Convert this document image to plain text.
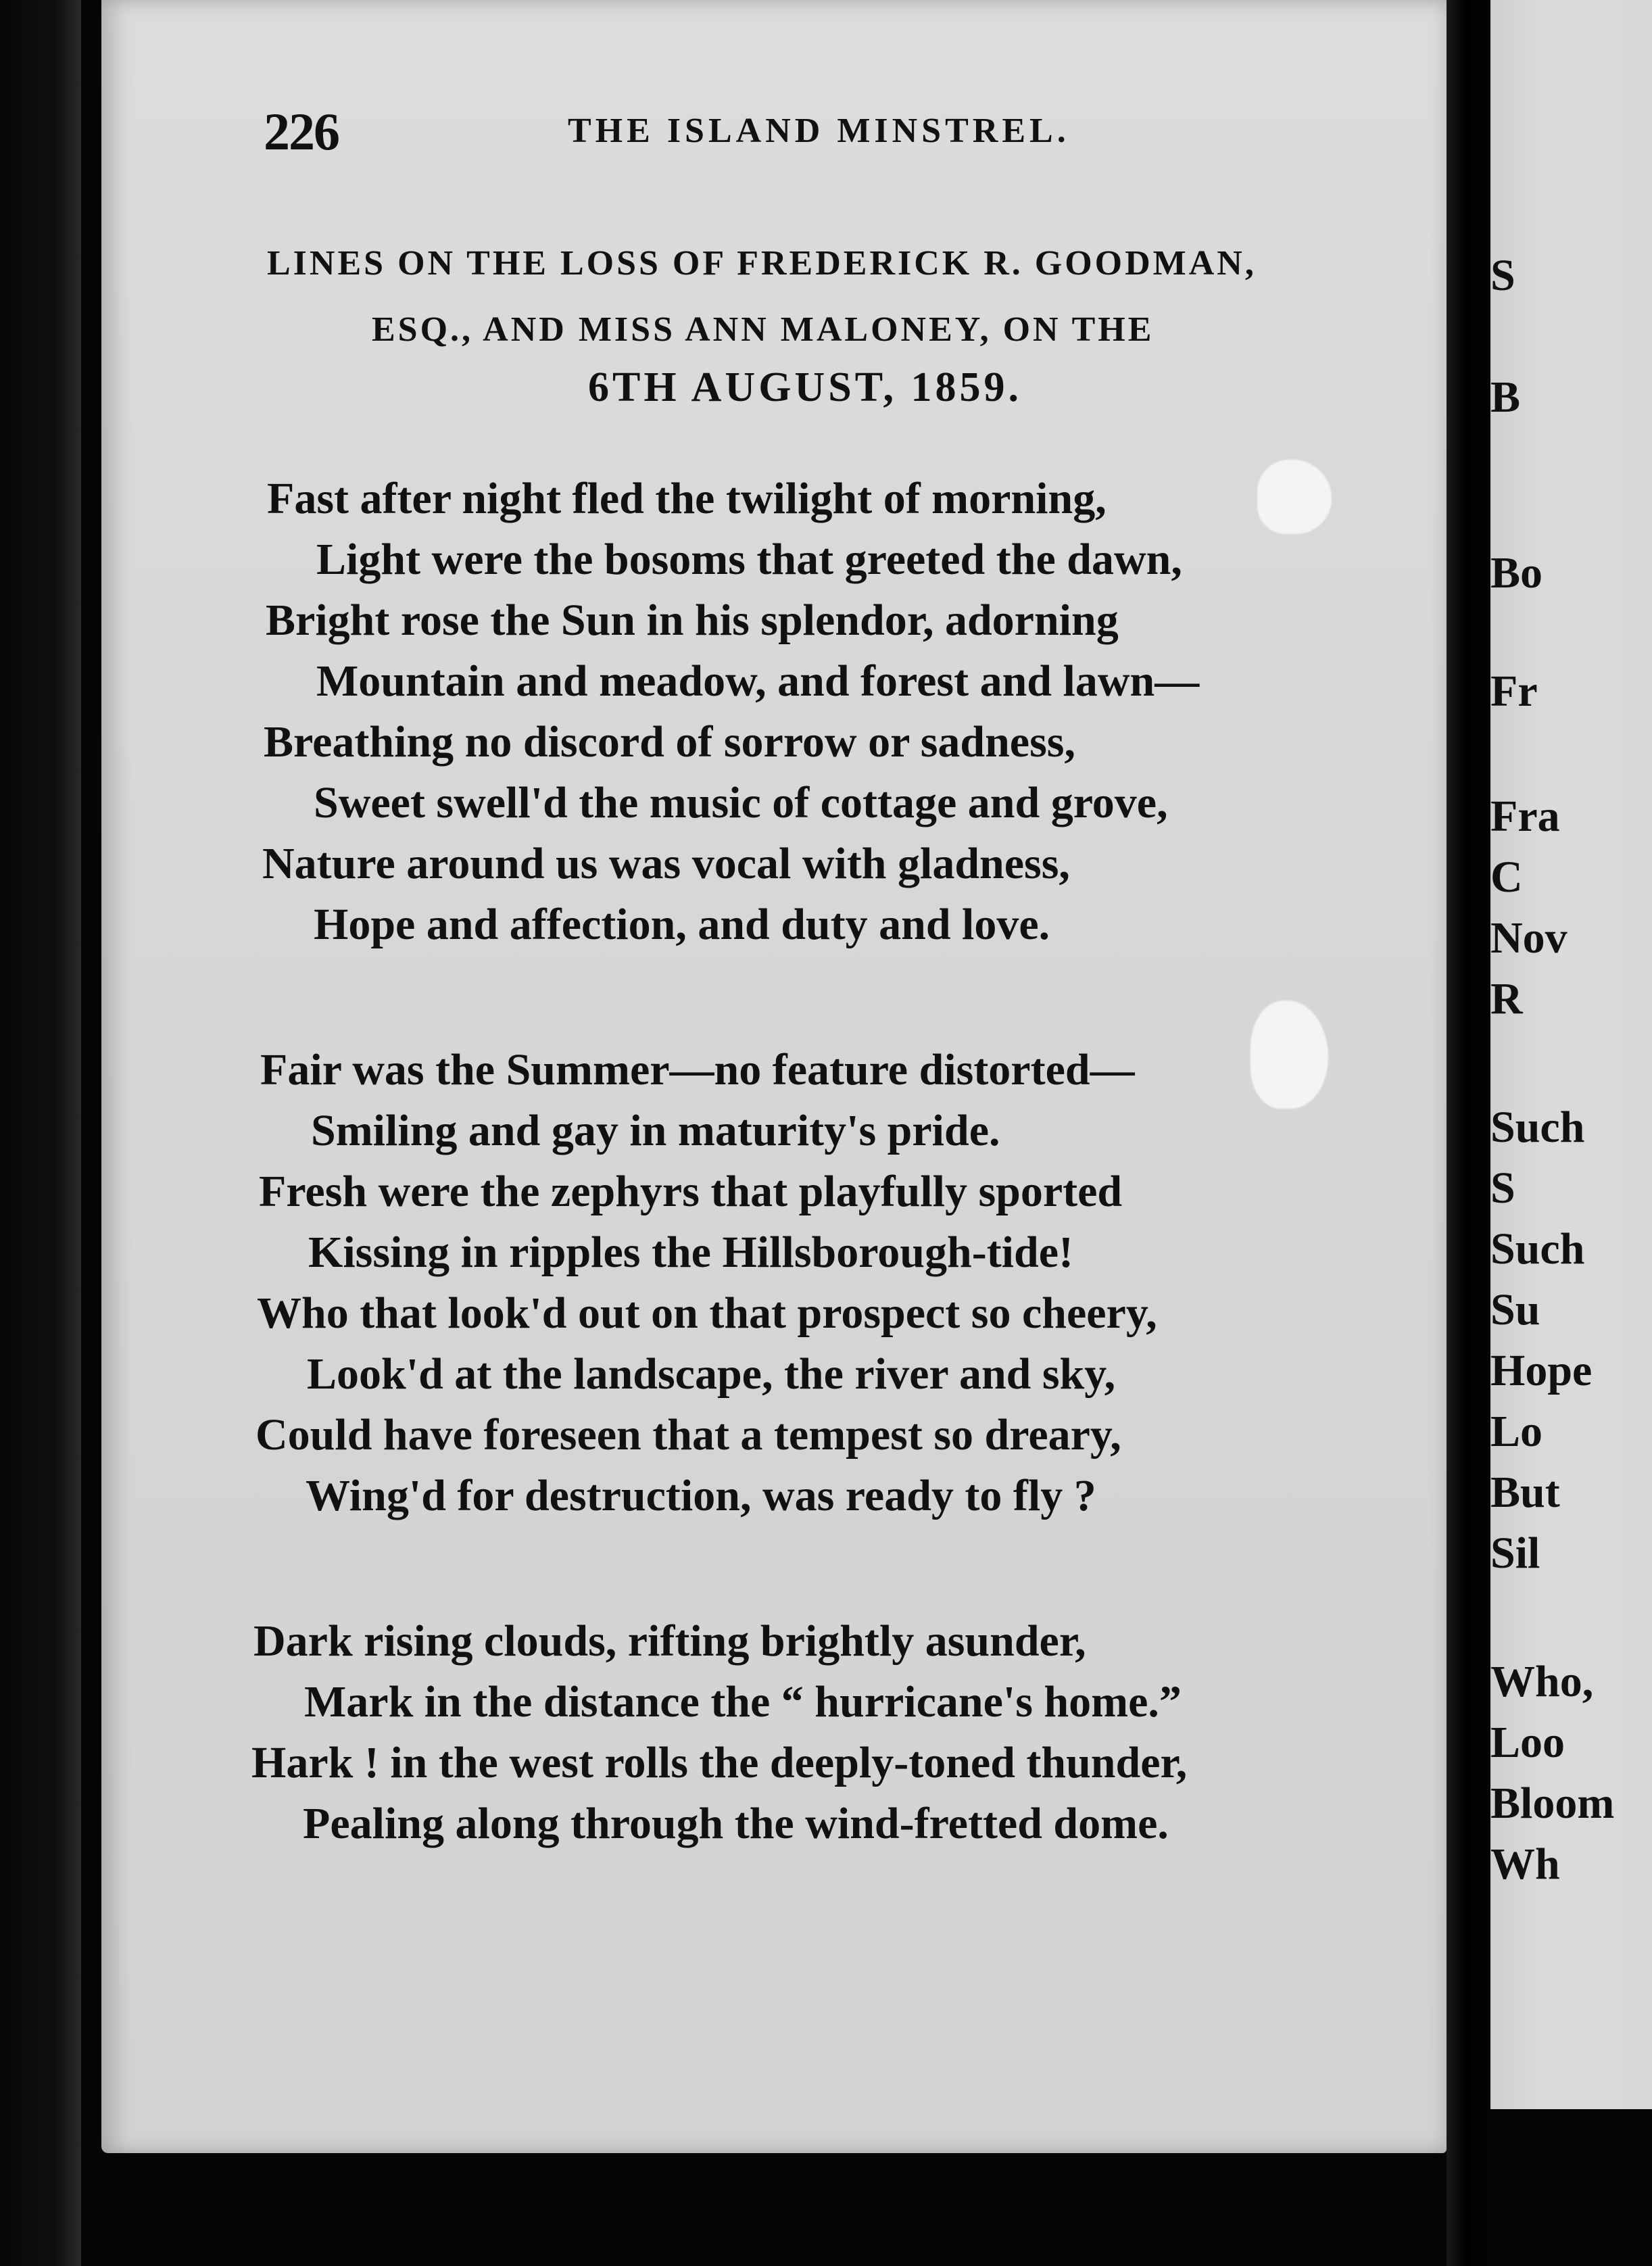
226	THE ISLAND MINSTREL.
LINES ON THE LOSS OF FREDERICK R. GOODMAN,
ESQ., AND MISS ANN MALONEY, ON THE
6TH AUGUST, 1859.
Fast after night fled the twilight of morning,
Light were the bosoms that greeted the dawn,
Bright rose the Sun in his splendor, adorning
Mountain and meadow, and forest and lawn—
Breathing no discord of sorrow or sadness,
Sweet swell'd the music of cottage and grove,
Nature around us was vocal with gladness,
Hope and affection, and duty and love.
Fair was the Summer—no feature distorted—
Smiling and gay in maturity's pride.
Fresh were the zephyrs that playfully sported
Kissing in ripples the Hillsborough-tide!
Who that look'd out on that prospect so cheery,
Look'd at the landscape, the river and sky,
Could have foreseen that a tempest so dreary,
Wing'd for destruction, was ready to fly ?
Dark rising clouds, rifting brightly asunder,
Mark in the distance the “ hurricane's home.”
Hark ! in the west rolls the deeply-toned thunder,
Pealing along through the wind-fretted dome.
S
B
Bo
Fr
Fra
C
Nov
R
Such
S
Such
Su
Hope
Lo
But
Sil
Who,
Loo
Bloom
Wh
